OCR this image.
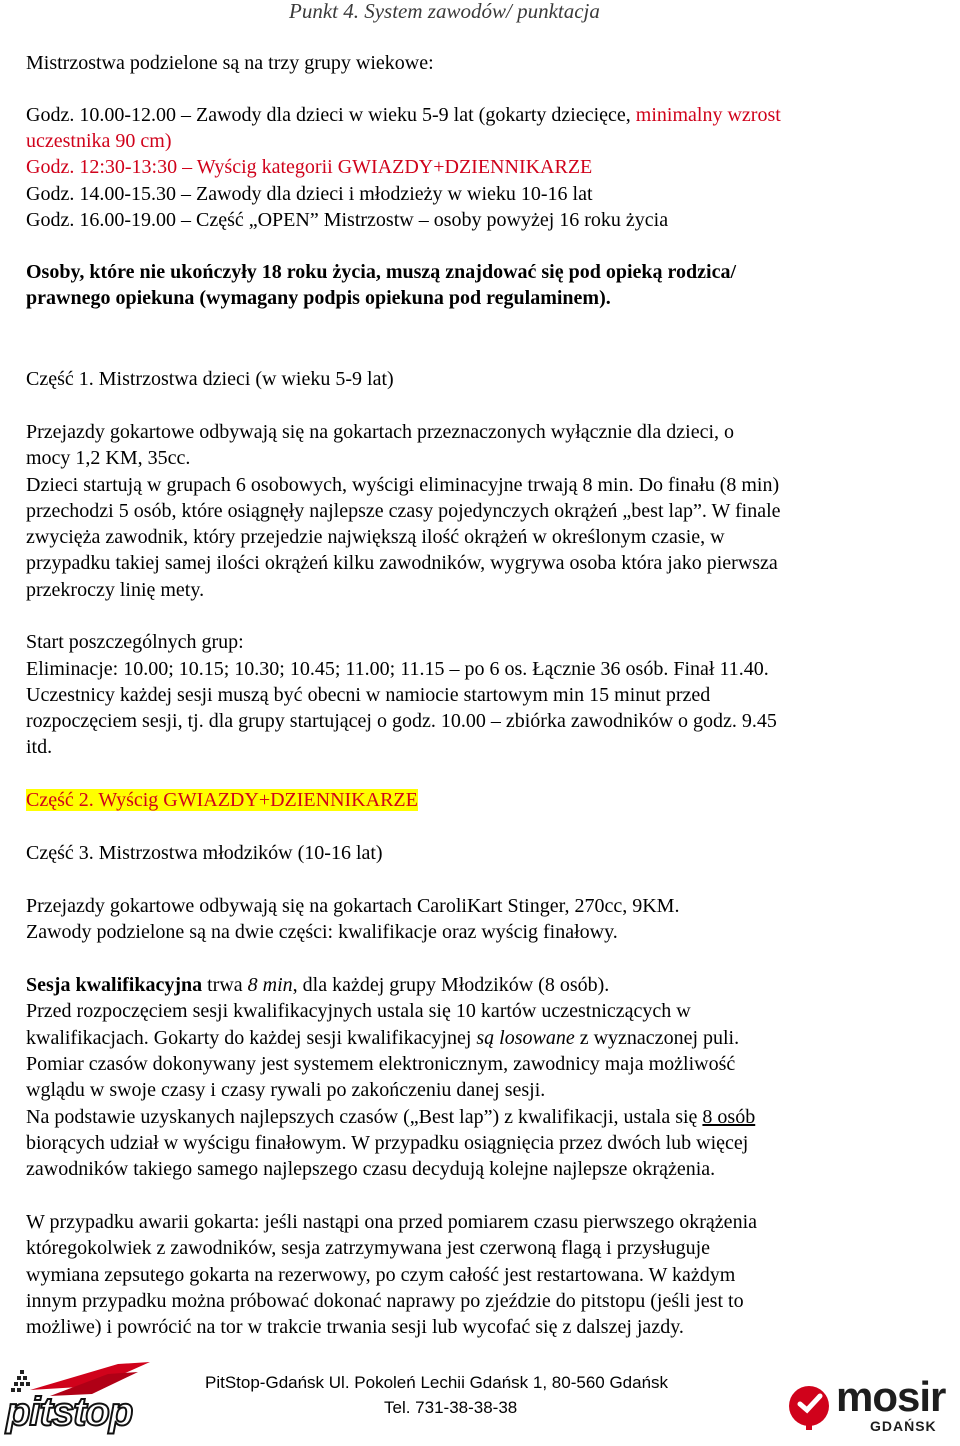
Punkt 4. System zawodów/ punktacja
Mistrzostwa podzielone są na trzy grupy wiekowe:
Godz. 10.00-12.00 – Zawody dla dzieci w wieku 5-9 lat (gokarty dziecięce, minimalny wzrost
uczestnika 90 cm)
Godz. 12:30-13:30 – Wyścig kategorii GWIAZDY+DZIENNIKARZE
Godz. 14.00-15.30 – Zawody dla dzieci i młodzieży w wieku 10-16 lat
Godz. 16.00-19.00 – Część „OPEN” Mistrzostw – osoby powyżej 16 roku życia
Osoby, które nie ukończyły 18 roku życia, muszą znajdować się pod opieką rodzica/
prawnego opiekuna (wymagany podpis opiekuna pod regulaminem).
Część 1. Mistrzostwa dzieci (w wieku 5-9 lat)
Przejazdy gokartowe odbywają się na gokartach przeznaczonych wyłącznie dla dzieci, o
mocy 1,2 KM, 35cc.
Dzieci startują w grupach 6 osobowych, wyścigi eliminacyjne trwają 8 min. Do finału (8 min)
przechodzi 5 osób, które osiągnęły najlepsze czasy pojedynczych okrążeń „best lap”. W finale
zwycięża zawodnik, który przejedzie największą ilość okrążeń w określonym czasie, w
przypadku takiej samej ilości okrążeń kilku zawodników, wygrywa osoba która jako pierwsza
przekroczy linię mety.
Start poszczególnych grup:
Eliminacje: 10.00; 10.15; 10.30; 10.45; 11.00; 11.15 – po 6 os. Łącznie 36 osób. Finał 11.40.
Uczestnicy każdej sesji muszą być obecni w namiocie startowym min 15 minut przed
rozpoczęciem sesji, tj. dla grupy startującej o godz. 10.00 – zbiórka zawodników o godz. 9.45
itd.
Część 2. Wyścig GWIAZDY+DZIENNIKARZE
Część 3. Mistrzostwa młodzików (10-16 lat)
Przejazdy gokartowe odbywają się na gokartach CaroliKart Stinger, 270cc, 9KM.
Zawody podzielone są na dwie części: kwalifikacje oraz wyścig finałowy.
Sesja kwalifikacyjna trwa 8 min, dla każdej grupy Młodzików (8 osób).
Przed rozpoczęciem sesji kwalifikacyjnych ustala się 10 kartów uczestniczących w
kwalifikacjach. Gokarty do każdej sesji kwalifikacyjnej są losowane z wyznaczonej puli.
Pomiar czasów dokonywany jest systemem elektronicznym, zawodnicy maja możliwość
wglądu w swoje czasy i czasy rywali po zakończeniu danej sesji.
Na podstawie uzyskanych najlepszych czasów („Best lap”) z kwalifikacji, ustala się 8 osób
biorących udział w wyścigu finałowym. W przypadku osiągnięcia przez dwóch lub więcej
zawodników takiego samego najlepszego czasu decydują kolejne najlepsze okrążenia.
W przypadku awarii gokarta: jeśli nastąpi ona przed pomiarem czasu pierwszego okrążenia
któregokolwiek z zawodników, sesja zatrzymywana jest czerwoną flagą i przysługuje
wymiana zepsutego gokarta na rezerwowy, po czym całość jest restartowana. W każdym
innym przypadku można próbować dokonać naprawy po zjeździe do pitstopu (jeśli jest to
możliwe) i powrócić na tor w trakcie trwania sesji lub wycofać się z dalszej jazdy.
pitstop
PitStop-Gdańsk Ul. Pokoleń Lechii Gdańsk 1, 80-560 Gdańsk
Tel. 731-38-38-38	mosir
GDAŃSK
